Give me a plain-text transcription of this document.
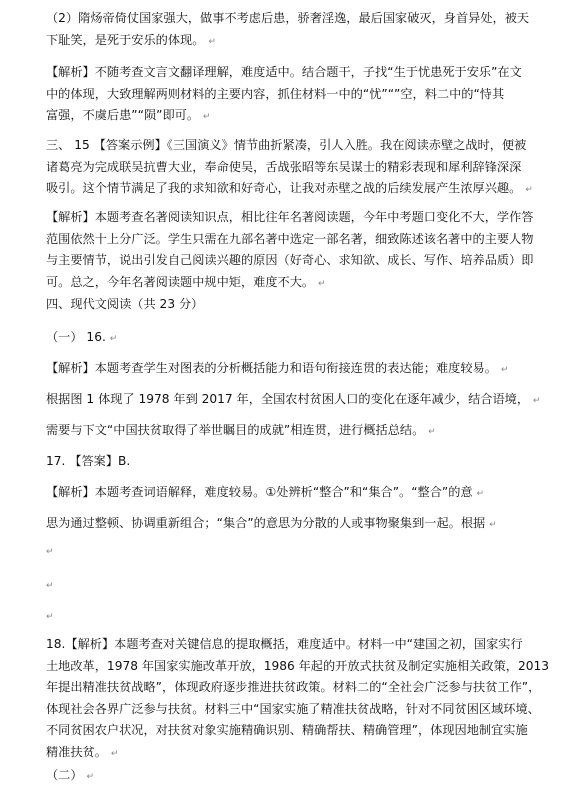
（2）隋炀帝倚仗国家强大，做事不考虑后患，骄奢淫逸，最后国家破灭，身首异处，被天
下耻笑，是死于安乐的体现。 ↵
【解析】不随考查文言文翻译理解，难度适中。结合题干，子找“生于忧患死于安乐”在文
中的体现，大致理解两则材料的主要内容，抓住材料一中的“忧”“”空，料二中的“恃其
富强，不虞后患”“陨”即可。 ↵
三、 15 【答案示例】《三国演义》情节曲折紧凑，引人入胜。我在阅读赤壁之战时，便被
诸葛亮为完成联吴抗曹大业，奉命使吴，舌战张昭等东吴谋士的精彩表现和犀利辞锋深深
吸引。这个情节满足了我的求知欲和好奇心，让我对赤壁之战的后续发展产生浓厚兴趣。 ↵
【解析】本题考查名著阅读知识点，相比往年名著阅读题，今年中考题口变化不大，学作答
范围依然十上分广泛。学生只需在九部名著中选定一部名著，细致陈述该名著中的主要人物
与主要情节，说出引发自己阅读兴趣的原因（好奇心、求知欲、成长、写作、培养品质）即
可。总之，今年名著阅读题中规中矩，难度不大。 ↵
四、现代文阅读（共 23 分）
（一） 16. ↵
【解析】本题考查学生对图表的分析概括能力和语句衔接连贯的表达能；难度较易。 ↵
根据图 1 体现了 1978 年到 2017 年，全国农村贫困人口的变化在逐年减少，结合语境， ↵
需要与下文“中国扶贫取得了举世瞩目的成就”相连贯，进行概括总结。 ↵
17. 【答案】B.
【解析】本题考查词语解释，难度较易。①处辨析“整合”和“集合”。“整合”的意 ↵
思为通过整顿、协调重新组合；“集合”的意思为分散的人或事物聚集到一起。根据 ↵
↵
↵
↵
18.【解析】本题考查对关键信息的提取概括，难度适中。材料一中“建国之初，国家实行
土地改革，1978 年国家实施改革开放，1986 年起的开放式扶贫及制定实施相关政策，2013
年提出精准扶贫战略”，体现政府逐步推进扶贫政策。材料二的“全社会广泛参与扶贫工作”，
体现社会各界广泛参与扶贫。材料三中“国家实施了精准扶贫战略，针对不同贫困区域环境、
不同贫困农户状况，对扶贫对象实施精确识别、精确帮扶、精确管理”，体现因地制宜实施
精准扶贫。 ↵
（二） ↵
